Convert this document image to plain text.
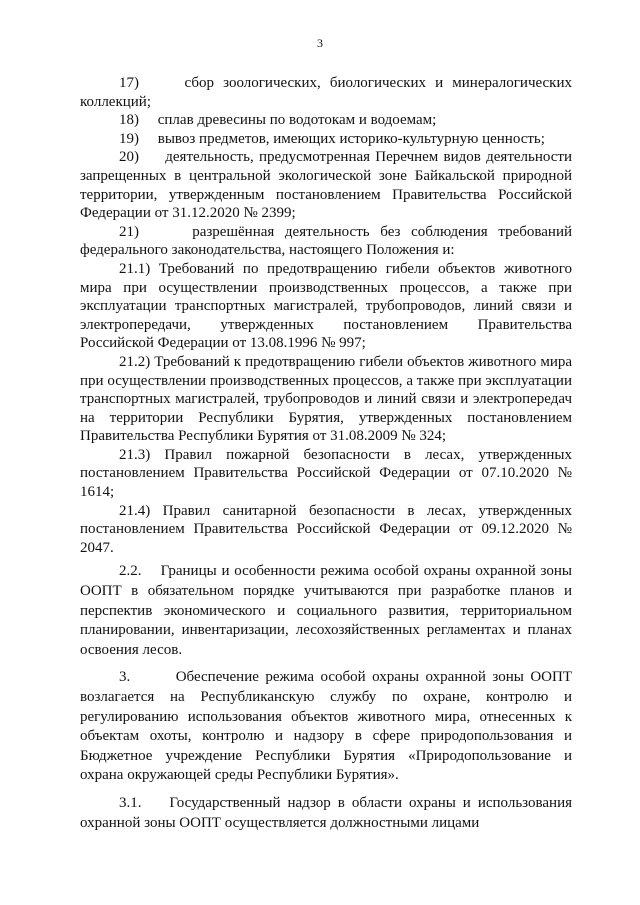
3

17)     сбор зоологических, биологических и минералогических коллекций;

18)     сплав древесины по водотокам и водоемам;

19)     вывоз предметов, имеющих историко-культурную ценность;

20)     деятельность, предусмотренная Перечнем видов деятельности запрещенных в центральной экологической зоне Байкальской природной территории, утвержденным постановлением Правительства Российской Федерации от 31.12.2020 № 2399;

21)     разрешённая деятельность без соблюдения требований федерального законодательства, настоящего Положения и:

21.1) Требований по предотвращению гибели объектов животного мира при осуществлении производственных процессов, а также при эксплуатации транспортных магистралей, трубопроводов, линий связи и электропередачи, утвержденных постановлением Правительства Российской Федерации от 13.08.1996 № 997;

21.2) Требований к предотвращению гибели объектов животного мира при осуществлении производственных процессов, а также при эксплуатации транспортных магистралей, трубопроводов и линий связи и электропередач на территории Республики Бурятия, утвержденных постановлением Правительства Республики Бурятия от 31.08.2009 № 324;

21.3) Правил пожарной безопасности в лесах, утвержденных постановлением Правительства Российской Федерации от 07.10.2020 № 1614;

21.4) Правил санитарной безопасности в лесах, утвержденных постановлением Правительства Российской Федерации от 09.12.2020 № 2047.

2.2.    Границы и особенности режима особой охраны охранной зоны ООПТ в обязательном порядке учитываются при разработке планов и перспектив экономического и социального развития, территориальном планировании, инвентаризации, лесохозяйственных регламентах и планах освоения лесов.

3.       Обеспечение режима особой охраны охранной зоны ООПТ возлагается на Республиканскую службу по охране, контролю и регулированию использования объектов животного мира, отнесенных к объектам охоты, контролю и надзору в сфере природопользования и Бюджетное учреждение Республики Бурятия «Природопользование и охрана окружающей среды Республики Бурятия».

3.1.    Государственный надзор в области охраны и использования охранной зоны ООПТ осуществляется должностными лицами
